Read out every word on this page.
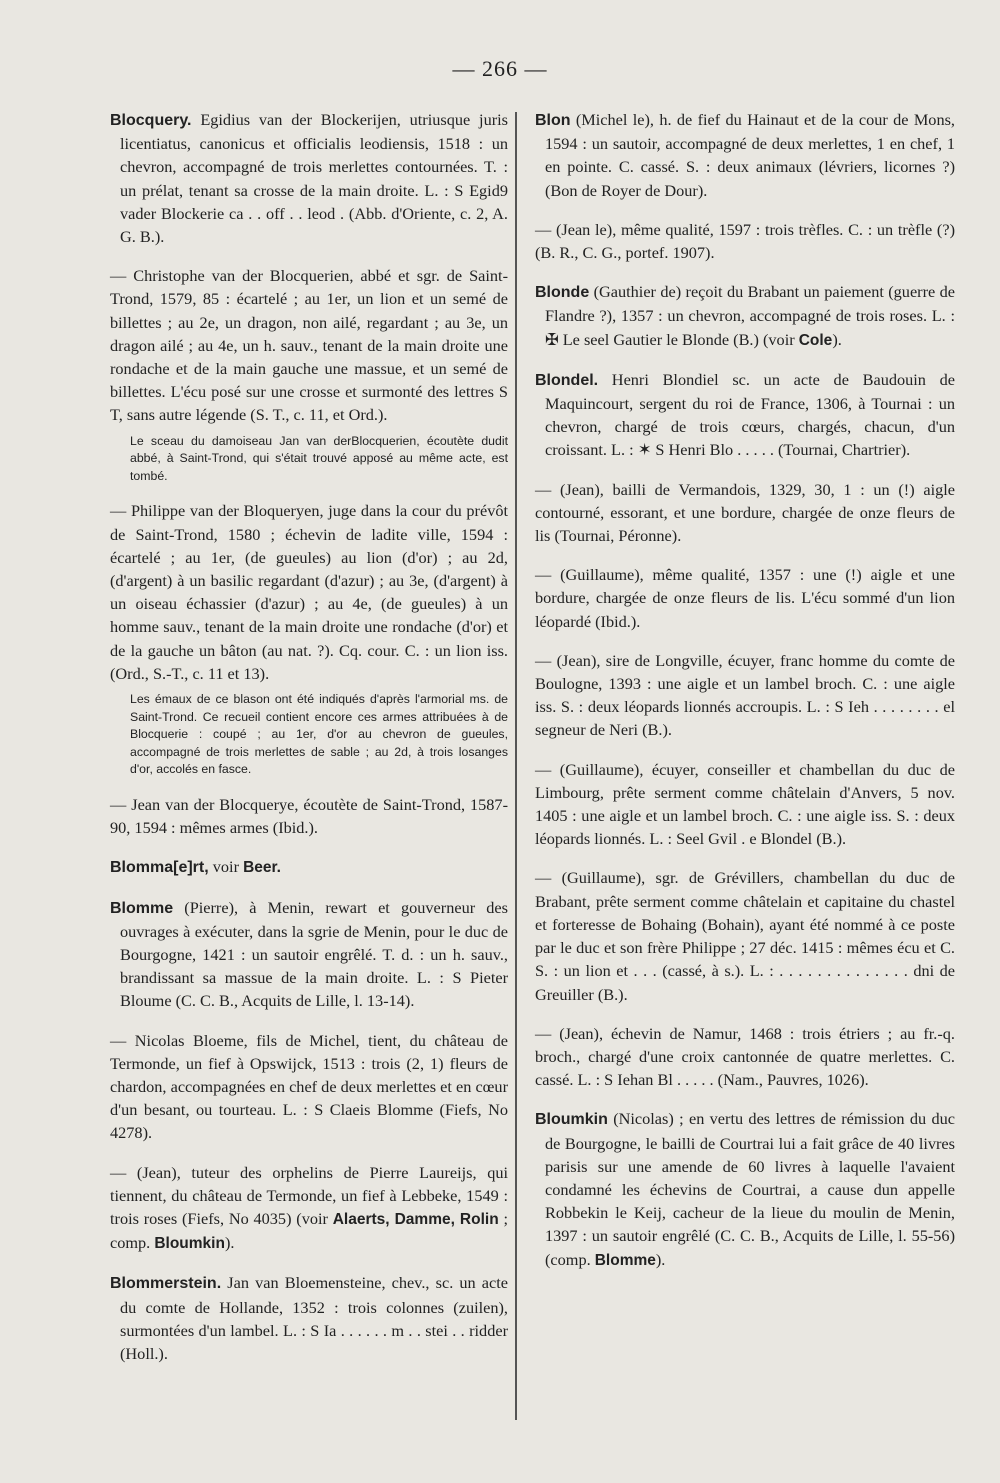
— 266 —
Blocquery. Egidius van der Blockerijen, utriusque juris licentiatus, canonicus et officialis leodiensis, 1518 : un chevron, accompagné de trois merlettes contournées. T. : un prélat, tenant sa crosse de la main droite. L. : S Egid9 vader Blockerie ca . . off . . leod . (Abb. d'Oriente, c. 2, A. G. B.).
— Christophe van der Blocquerien, abbé et sgr. de Saint-Trond, 1579, 85 : écartelé ; au 1er, un lion et un semé de billettes ; au 2e, un dragon, non ailé, regardant ; au 3e, un dragon ailé ; au 4e, un h. sauv., tenant de la main droite une rondache et de la main gauche une massue, et un semé de billettes. L'écu posé sur une crosse et surmonté des lettres S T, sans autre légende (S. T., c. 11, et Ord.).
Le sceau du damoiseau Jan van derBlocquerien, écoutète dudit abbé, à Saint-Trond, qui s'était trouvé apposé au même acte, est tombé.
— Philippe van der Bloqueryen, juge dans la cour du prévôt de Saint-Trond, 1580 ; échevin de ladite ville, 1594 : écartelé ; au 1er, (de gueules) au lion (d'or) ; au 2d, (d'argent) à un basilic regardant (d'azur) ; au 3e, (d'argent) à un oiseau échassier (d'azur) ; au 4e, (de gueules) à un homme sauv., tenant de la main droite une rondache (d'or) et de la gauche un bâton (au nat. ?). Cq. cour. C. : un lion iss. (Ord., S.-T., c. 11 et 13).
Les émaux de ce blason ont été indiqués d'après l'armorial ms. de Saint-Trond. Ce recueil contient encore ces armes attribuées à de Blocquerie : coupé ; au 1er, d'or au chevron de gueules, accompagné de trois merlettes de sable ; au 2d, à trois losanges d'or, accolés en fasce.
— Jean van der Blocquerye, écoutète de Saint-Trond, 1587-90, 1594 : mêmes armes (Ibid.).
Blomma[e]rt, voir Beer.
Blomme (Pierre), à Menin, rewart et gouverneur des ouvrages à exécuter, dans la sgrie de Menin, pour le duc de Bourgogne, 1421 : un sautoir engrêlé. T. d. : un h. sauv., brandissant sa massue de la main droite. L. : S Pieter Bloume (C. C. B., Acquits de Lille, l. 13-14).
— Nicolas Bloeme, fils de Michel, tient, du château de Termonde, un fief à Opswijck, 1513 : trois (2, 1) fleurs de chardon, accompagnées en chef de deux merlettes et en cœur d'un besant, ou tourteau. L. : S Claeis Blomme (Fiefs, No 4278).
— (Jean), tuteur des orphelins de Pierre Laureijs, qui tiennent, du château de Termonde, un fief à Lebbeke, 1549 : trois roses (Fiefs, No 4035) (voir Alaerts, Damme, Rolin ; comp. Bloumkin).
Blommerstein. Jan van Bloemensteine, chev., sc. un acte du comte de Hollande, 1352 : trois colonnes (zuilen), surmontées d'un lambel. L. : S Ia . . . . . . m . . stei . . ridder (Holl.).
Blon (Michel le), h. de fief du Hainaut et de la cour de Mons, 1594 : un sautoir, accompagné de deux merlettes, 1 en chef, 1 en pointe. C. cassé. S. : deux animaux (lévriers, licornes ?) (Bon de Royer de Dour).
— (Jean le), même qualité, 1597 : trois trèfles. C. : un trèfle (?) (B. R., C. G., portef. 1907).
Blonde (Gauthier de) reçoit du Brabant un paiement (guerre de Flandre ?), 1357 : un chevron, accompagné de trois roses. L. : ✠ Le seel Gautier le Blonde (B.) (voir Cole).
Blondel. Henri Blondiel sc. un acte de Baudouin de Maquincourt, sergent du roi de France, 1306, à Tournai : un chevron, chargé de trois cœurs, chargés, chacun, d'un croissant. L. : ✶ S Henri Blo . . . . . (Tournai, Chartrier).
— (Jean), bailli de Vermandois, 1329, 30, 1 : un (!) aigle contourné, essorant, et une bordure, chargée de onze fleurs de lis (Tournai, Péronne).
— (Guillaume), même qualité, 1357 : une (!) aigle et une bordure, chargée de onze fleurs de lis. L'écu sommé d'un lion léopardé (Ibid.).
— (Jean), sire de Longville, écuyer, franc homme du comte de Boulogne, 1393 : une aigle et un lambel broch. C. : une aigle iss. S. : deux léopards lionnés accroupis. L. : S Ieh . . . . . . . . el segneur de Neri (B.).
— (Guillaume), écuyer, conseiller et chambellan du duc de Limbourg, prête serment comme châtelain d'Anvers, 5 nov. 1405 : une aigle et un lambel broch. C. : une aigle iss. S. : deux léopards lionnés. L. : Seel Gvil . e Blondel (B.).
— (Guillaume), sgr. de Grévillers, chambellan du duc de Brabant, prête serment comme châtelain et capitaine du chastel et forteresse de Bohaing (Bohain), ayant été nommé à ce poste par le duc et son frère Philippe ; 27 déc. 1415 : mêmes écu et C. S. : un lion et . . . (cassé, à s.). L. : . . . . . . . . . . . . . . dni de Greuiller (B.).
— (Jean), échevin de Namur, 1468 : trois étriers ; au fr.-q. broch., chargé d'une croix cantonnée de quatre merlettes. C. cassé. L. : S Iehan Bl . . . . . (Nam., Pauvres, 1026).
Bloumkin (Nicolas) ; en vertu des lettres de rémission du duc de Bourgogne, le bailli de Courtrai lui a fait grâce de 40 livres parisis sur une amende de 60 livres à laquelle l'avaient condamné les échevins de Courtrai, a cause dun appelle Robbekin le Keij, cacheur de la lieue du moulin de Menin, 1397 : un sautoir engrêlé (C. C. B., Acquits de Lille, l. 55-56) (comp. Blomme).
